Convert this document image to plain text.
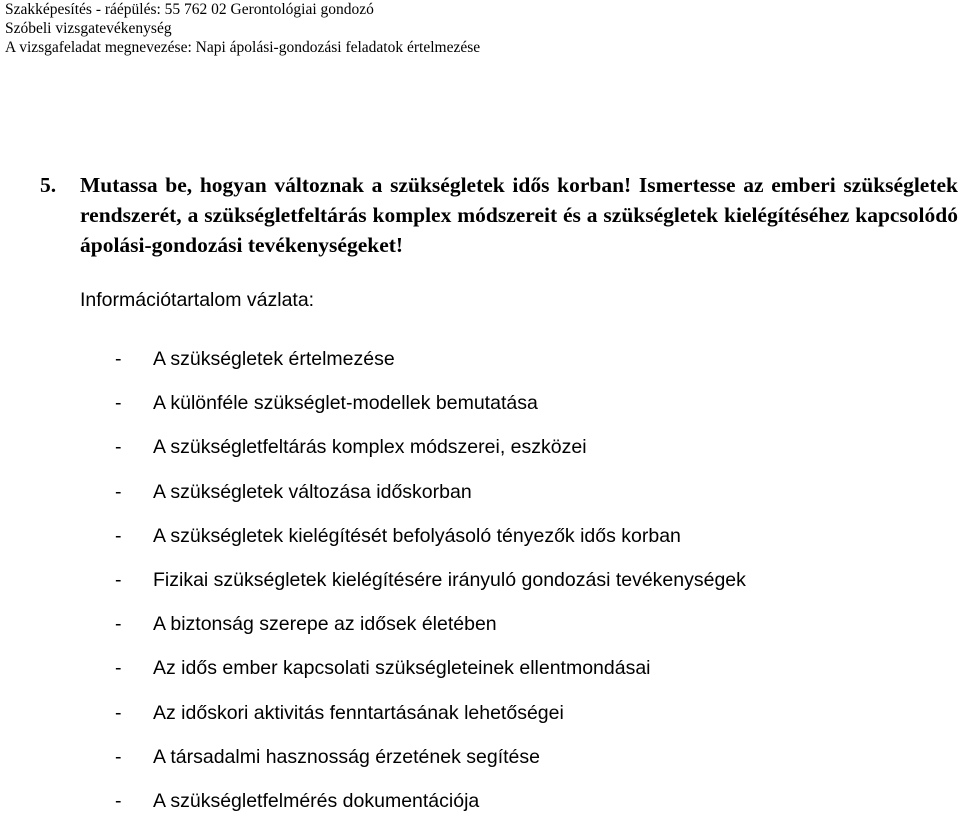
Szakképesítés - ráépülés: 55 762 02 Gerontológiai gondozó
Szóbeli vizsgatevékenység
A vizsgafeladat megnevezése: Napi ápolási-gondozási feladatok értelmezése
5. Mutassa be, hogyan változnak a szükségletek idős korban! Ismertesse az emberi szükségletek rendszerét, a szükségletfeltárás komplex módszereit és a szükségletek kielégítéséhez kapcsolódó ápolási-gondozási tevékenységeket!
Információtartalom vázlata:
- A szükségletek értelmezése
- A különféle szükséglet-modellek bemutatása
- A szükségletfeltárás komplex módszerei, eszközei
- A szükségletek változása időskorban
- A szükségletek kielégítését befolyásoló tényezők idős korban
- Fizikai szükségletek kielégítésére irányuló gondozási tevékenységek
- A biztonság szerepe az idősek életében
- Az idős ember kapcsolati szükségleteinek ellentmondásai
- Az időskori aktivitás fenntartásának lehetőségei
- A társadalmi hasznosság érzetének segítése
- A szükségletfelmérés dokumentációja
